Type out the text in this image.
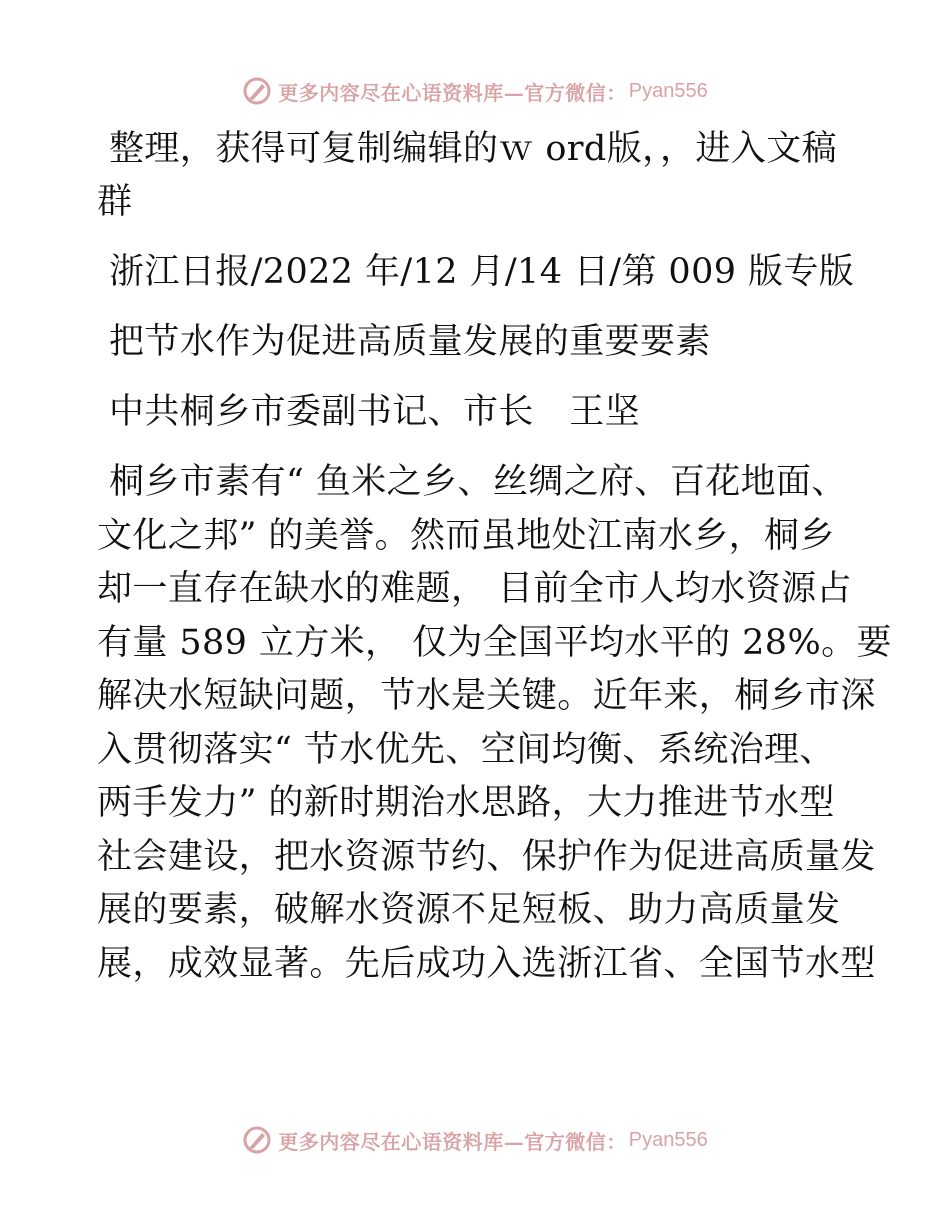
更多内容尽在心语资料库—官方微信： Pyan556

整理，获得可复制编辑的ｗ ord版，，进入文稿
群

浙江日报/2022 年/12 月/14 日/第 009 版专版

把节水作为促进高质量发展的重要要素

中共桐乡市委副书记、市长　王坚

桐乡市素有“ 鱼米之乡、丝绸之府、百花地面、
文化之邦” 的美誉。然而虽地处江南水乡，桐乡
却一直存在缺水的难题， 目前全市人均水资源占
有量 589 立方米， 仅为全国平均水平的 28%。要
解决水短缺问题，节水是关键。近年来，桐乡市深
入贯彻落实“ 节水优先、空间均衡、系统治理、
两手发力” 的新时期治水思路，大力推进节水型
社会建设，把水资源节约、保护作为促进高质量发
展的要素，破解水资源不足短板、助力高质量发
展，成效显著。先后成功入选浙江省、全国节水型
更多内容尽在心语资料库—官方微信： Pyan556
